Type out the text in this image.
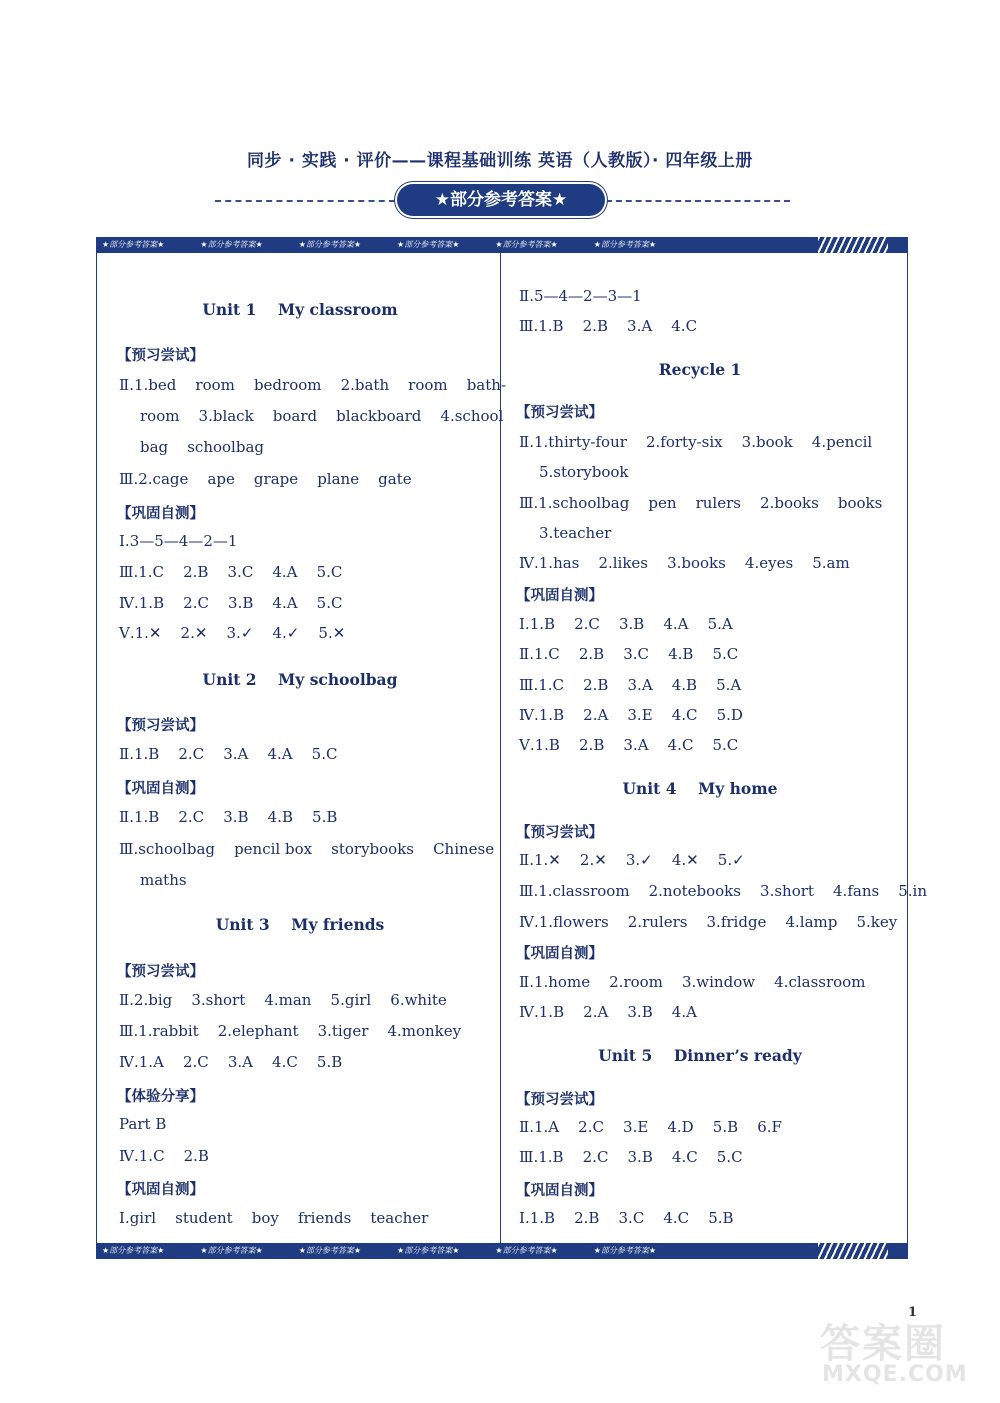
同步 · 实践 · 评价——课程基础训练 英语（人教版）· 四年级上册
★部分参考答案★
★部分参考答案★	★部分参考答案★	★部分参考答案★	★部分参考答案★	★部分参考答案★	★部分参考答案★
★部分参考答案★	★部分参考答案★	★部分参考答案★	★部分参考答案★	★部分参考答案★	★部分参考答案★
Unit 1    My classroom
【预习尝试】
Ⅱ.1.bed    room    bedroom    2.bath    room    bath-
room    3.black    board    blackboard    4.school
bag    schoolbag
Ⅲ.2.cage    ape    grape    plane    gate
【巩固自测】
Ⅰ.3—5—4—2—1
Ⅲ.1.C    2.B    3.C    4.A    5.C
Ⅳ.1.B    2.C    3.B    4.A    5.C
Ⅴ.1.✕    2.✕    3.✓    4.✓    5.✕
Unit 2    My schoolbag
【预习尝试】
Ⅱ.1.B    2.C    3.A    4.A    5.C
【巩固自测】
Ⅱ.1.B    2.C    3.B    4.B    5.B
Ⅲ.schoolbag    pencil box    storybooks    Chinese
maths
Unit 3    My friends
【预习尝试】
Ⅱ.2.big    3.short    4.man    5.girl    6.white
Ⅲ.1.rabbit    2.elephant    3.tiger    4.monkey
Ⅳ.1.A    2.C    3.A    4.C    5.B
【体验分享】
Part B
Ⅳ.1.C    2.B
【巩固自测】
Ⅰ.girl    student    boy    friends    teacher
Ⅱ.5—4—2—3—1
Ⅲ.1.B    2.B    3.A    4.C
Recycle 1
【预习尝试】
Ⅱ.1.thirty-four    2.forty-six    3.book    4.pencil
5.storybook
Ⅲ.1.schoolbag    pen    rulers    2.books    books
3.teacher
Ⅳ.1.has    2.likes    3.books    4.eyes    5.am
【巩固自测】
Ⅰ.1.B    2.C    3.B    4.A    5.A
Ⅱ.1.C    2.B    3.C    4.B    5.C
Ⅲ.1.C    2.B    3.A    4.B    5.A
Ⅳ.1.B    2.A    3.E    4.C    5.D
Ⅴ.1.B    2.B    3.A    4.C    5.C
Unit 4    My home
【预习尝试】
Ⅱ.1.✕    2.✕    3.✓    4.✕    5.✓
Ⅲ.1.classroom    2.notebooks    3.short    4.fans    5.in
Ⅳ.1.flowers    2.rulers    3.fridge    4.lamp    5.key
【巩固自测】
Ⅱ.1.home    2.room    3.window    4.classroom
Ⅳ.1.B    2.A    3.B    4.A
Unit 5    Dinner’s ready
【预习尝试】
Ⅱ.1.A    2.C    3.E    4.D    5.B    6.F
Ⅲ.1.B    2.C    3.B    4.C    5.C
【巩固自测】
Ⅰ.1.B    2.B    3.C    4.C    5.B
1
答案圈
MXQE.COM
